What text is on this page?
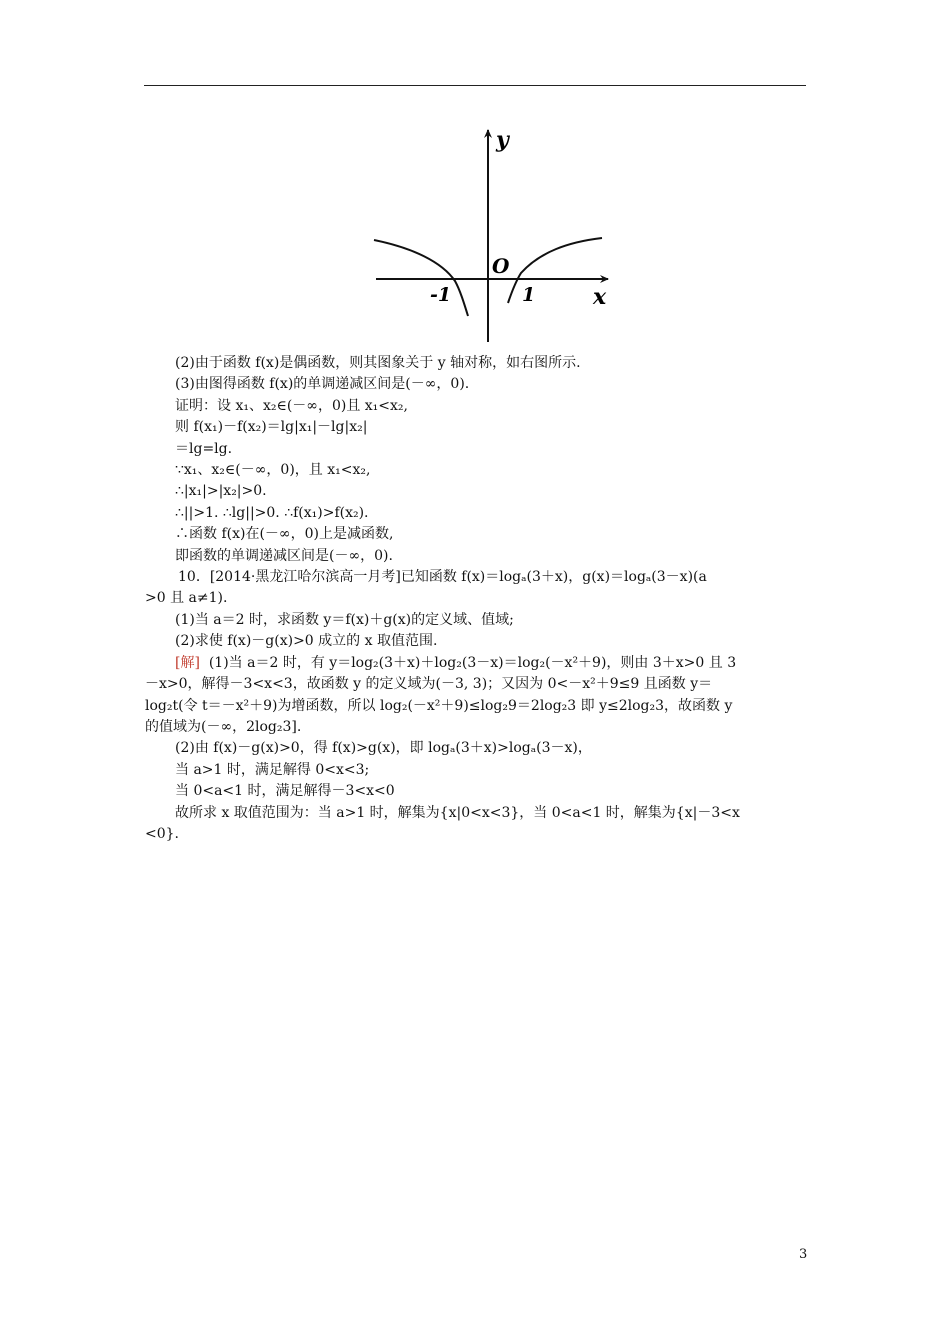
y
x
O
-1	1
(2)由于函数 f(x)是偶函数，则其图象关于 y 轴对称，如右图所示.
(3)由图得函数 f(x)的单调递减区间是(－∞，0).
证明：设 x₁、x₂∈(－∞，0)且 x₁<x₂,
则 f(x₁)－f(x₂)＝lg|x₁|－lg|x₂|
＝lg=lg.
∵x₁、x₂∈(－∞，0)，且 x₁<x₂,
∴|x₁|>|x₂|>0.
∴||>1. ∴lg||>0. ∴f(x₁)>f(x₂).
∴函数 f(x)在(－∞，0)上是减函数,
即函数的单调递减区间是(－∞，0).
10．[2014·黑龙江哈尔滨高一月考]已知函数 f(x)＝logₐ(3＋x)，g(x)＝logₐ(3－x)(a
>0 且 a≠1).
(1)当 a＝2 时，求函数 y＝f(x)＋g(x)的定义域、值域;
(2)求使 f(x)－g(x)>0 成立的 x 取值范围.
[解] (1)当 a＝2 时，有 y＝log₂(3＋x)＋log₂(3－x)＝log₂(－x²＋9)，则由 3＋x>0 且 3
－x>0，解得－3<x<3，故函数 y 的定义域为(－3, 3)；又因为 0<－x²＋9≤9 且函数 y＝
log₂t(令 t＝－x²＋9)为增函数，所以 log₂(－x²＋9)≤log₂9＝2log₂3 即 y≤2log₂3，故函数 y
的值域为(－∞，2log₂3].
(2)由 f(x)－g(x)>0，得 f(x)>g(x)，即 logₐ(3＋x)>logₐ(3－x)，
当 a>1 时，满足解得 0<x<3;
当 0<a<1 时，满足解得－3<x<0
故所求 x 取值范围为：当 a>1 时，解集为{x|0<x<3}，当 0<a<1 时，解集为{x|－3<x
<0}.
3
